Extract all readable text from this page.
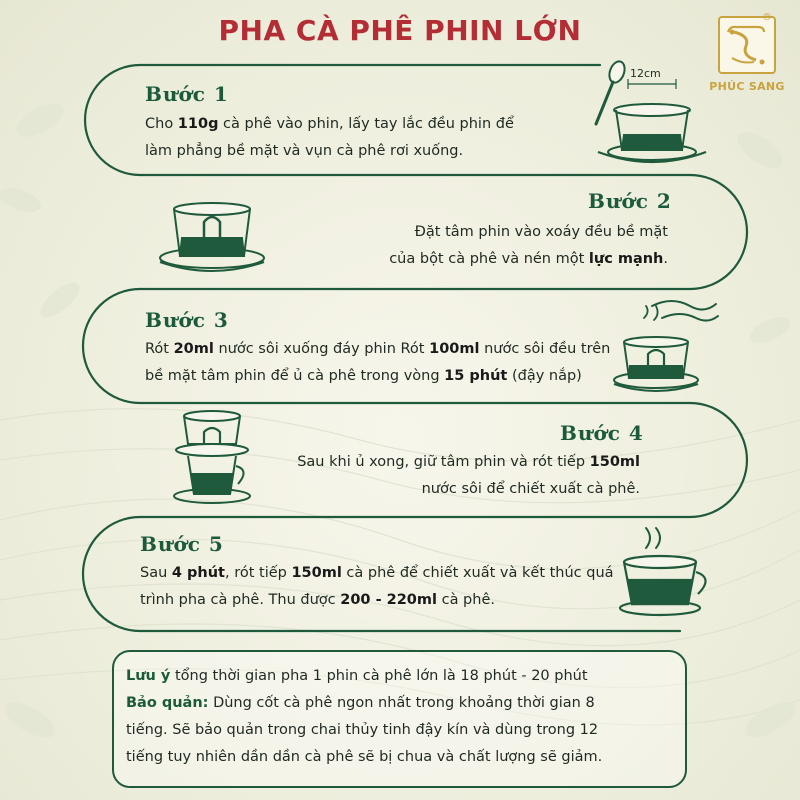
PHA CÀ PHÊ PHIN LỚN	®
PHÚC SANG
Bước 1
Cho 110g cà phê vào phin, lấy tay lắc đều phin để
làm phẳng bề mặt và vụn cà phê rơi xuống.
12cm
Bước 2
Đặt tâm phin vào xoáy đều bề mặt
của bột cà phê và nén một lực mạnh.
Bước 3
Rót 20ml nước sôi xuống đáy phin Rót 100ml nước sôi đều trên
bề mặt tâm phin để ủ cà phê trong vòng 15 phút (đậy nắp)
Bước 4
Sau khi ủ xong, giữ tâm phin và rót tiếp 150ml
nước sôi để chiết xuất cà phê.
Bước 5
Sau 4 phút, rót tiếp 150ml cà phê để chiết xuất và kết thúc quá
trình pha cà phê. Thu được 200 - 220ml cà phê.
Lưu ý tổng thời gian pha 1 phin cà phê lớn là 18 phút - 20 phút
Bảo quản: Dùng cốt cà phê ngon nhất trong khoảng thời gian 8
tiếng. Sẽ bảo quản trong chai thủy tinh đậy kín và dùng trong 12
tiếng tuy nhiên dần dần cà phê sẽ bị chua và chất lượng sẽ giảm.
